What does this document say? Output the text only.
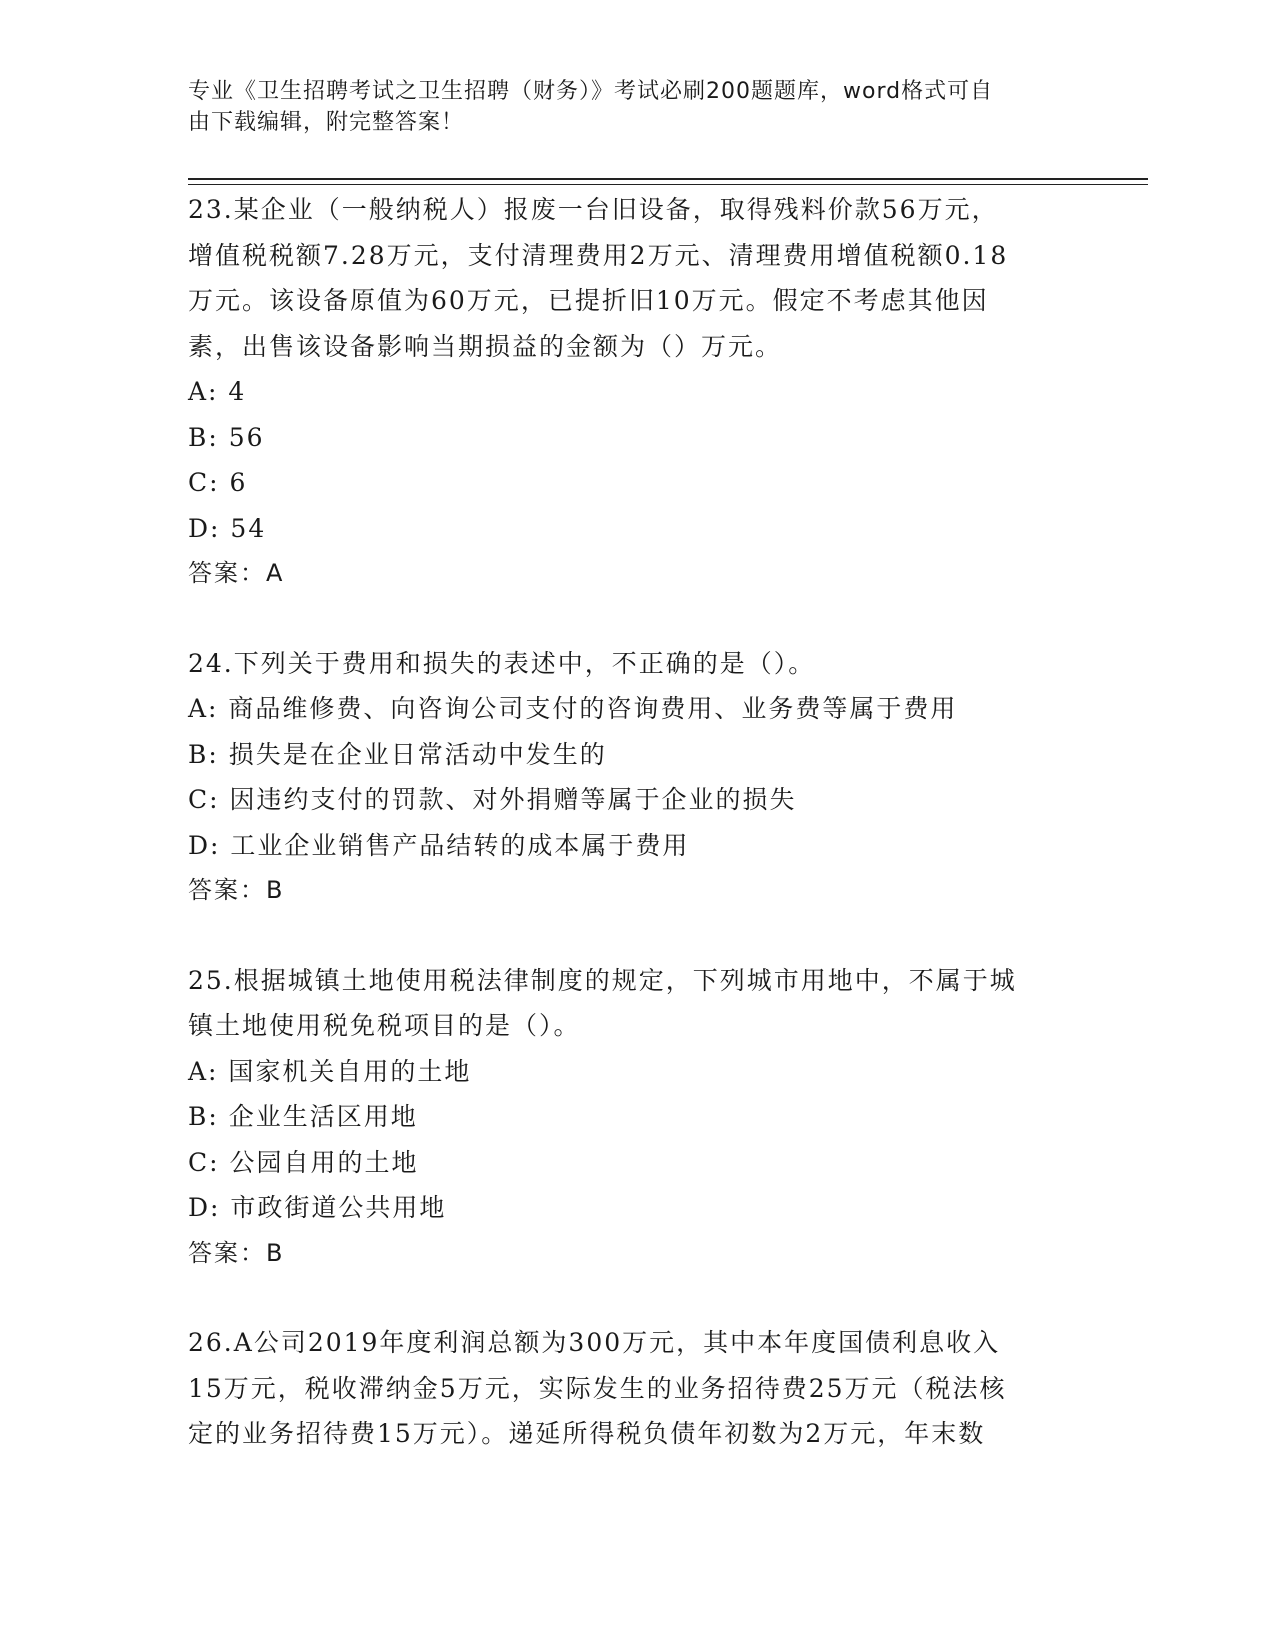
专业《卫生招聘考试之卫生招聘（财务）》考试必刷200题题库，word格式可自
由下载编辑，附完整答案！

23.某企业（一般纳税人）报废一台旧设备，取得残料价款56万元，

增值税税额7.28万元，支付清理费用2万元、清理费用增值税额0.18

万元。该设备原值为60万元，已提折旧10万元。假定不考虑其他因

素，出售该设备影响当期损益的金额为（）万元。

A: 4

B: 56

C: 6

D: 54

答案：A

24.下列关于费用和损失的表述中，不正确的是（）。

A: 商品维修费、向咨询公司支付的咨询费用、业务费等属于费用

B: 损失是在企业日常活动中发生的

C: 因违约支付的罚款、对外捐赠等属于企业的损失

D: 工业企业销售产品结转的成本属于费用

答案：B

25.根据城镇土地使用税法律制度的规定，下列城市用地中，不属于城

镇土地使用税免税项目的是（）。

A: 国家机关自用的土地

B: 企业生活区用地

C: 公园自用的土地

D: 市政街道公共用地

答案：B

26.A公司2019年度利润总额为300万元，其中本年度国债利息收入

15万元，税收滞纳金5万元，实际发生的业务招待费25万元（税法核

定的业务招待费15万元）。递延所得税负债年初数为2万元，年末数
